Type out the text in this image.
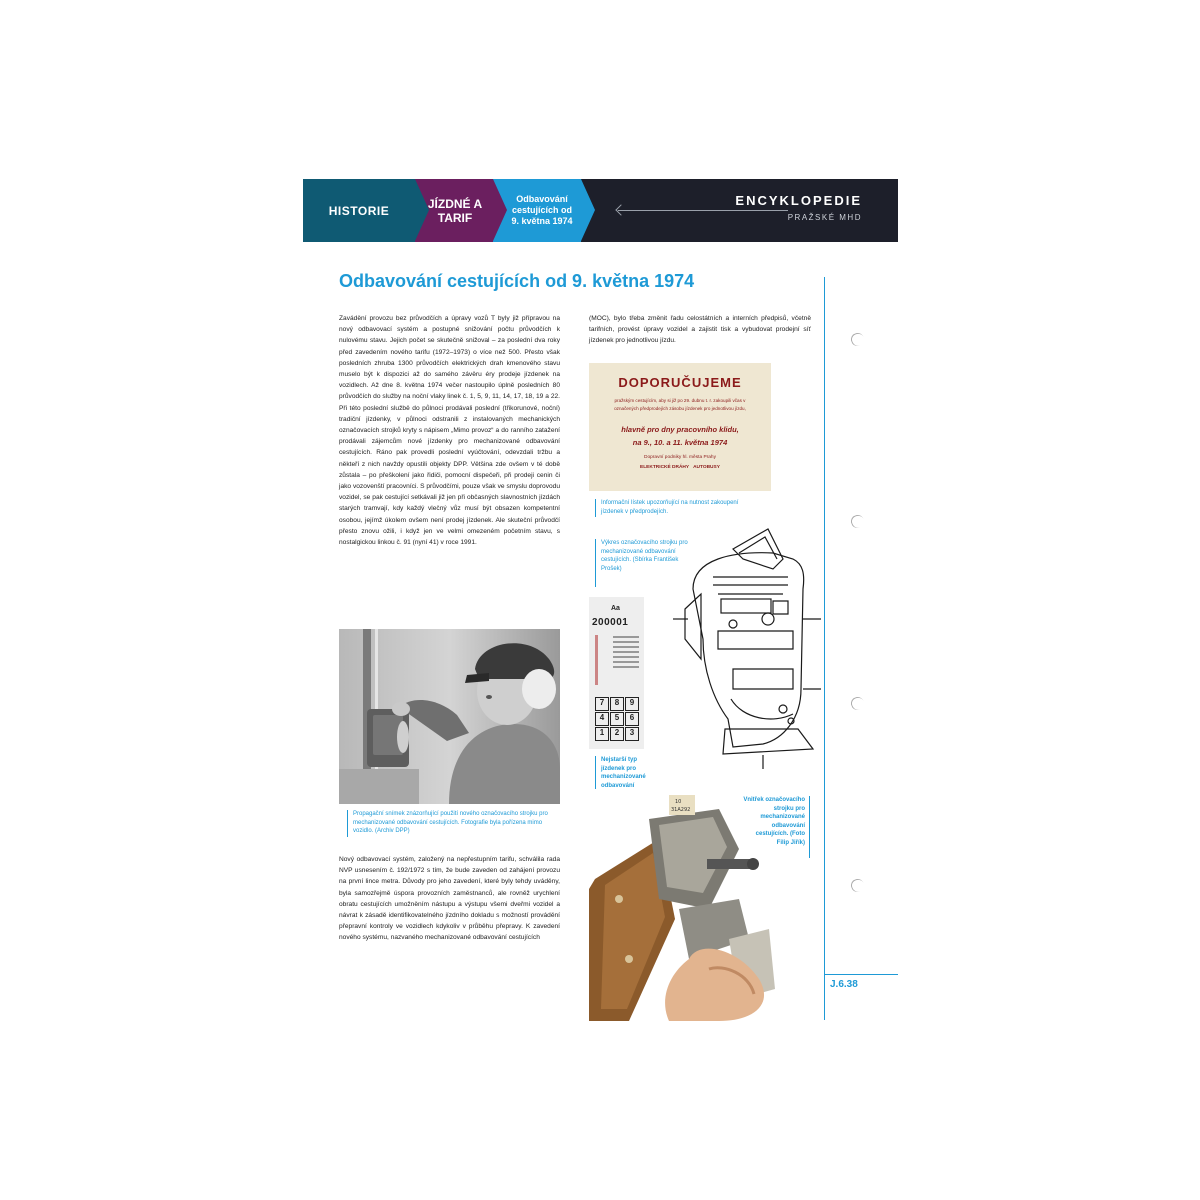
HISTORIE	JÍZDNÉ A TARIF
Odbavování cestujících od 9. května 1974
ENCYKLOPEDIE
PRAŽSKÉ MHD
Odbavování cestujících od 9. května 1974
J.6.38
Zavádění provozu bez průvodčích a úpravy vozů T byly již přípravou na nový odbavovací systém a postupné snižování počtu průvodčích k nulovému stavu. Jejich počet se skutečně snižoval – za poslední dva roky před zavedením nového tarifu (1972–1973) o více než 500. Přesto však posledních zhruba 1300 průvodčích elektrických drah kmenového stavu muselo být k dispozici až do samého závěru éry prodeje jízdenek na vozidlech. Až dne 8. května 1974 večer nastoupilo úplně posledních 80 průvodčích do služby na noční vlaky linek č. 1, 5, 9, 11, 14, 17, 18, 19 a 22. Při této poslední službě do půlnoci prodávali poslední (třikorunové, noční) tradiční jízdenky, v půlnoci odstranili z instalovaných mechanických označovacích strojků kryty s nápisem „Mimo provoz“ a do ranního zatažení prodávali zájemcům nové jízdenky pro mechanizované odbavování cestujících. Ráno pak provedli poslední vyúčtování, odevzdali tržbu a někteří z nich navždy opustili objekty DPP. Většina zde ovšem v té době zůstala – po přeškolení jako řidiči, pomocní dispečeři, při prodeji cenin či jako vozovenští pracovníci. S průvodčími, pouze však ve smyslu doprovodu vozidel, se pak cestující setkávali již jen při občasných slavnostních jízdách starých tramvají, kdy každý vlečný vůz musí být obsazen kompetentní osobou, jejímž úkolem ovšem není prodej jízdenek. Ale skuteční průvodčí přesto znovu ožili, i když jen ve velmi omezeném početním stavu, s nostalgickou linkou č. 91 (nyní 41) v roce 1991.
Propagační snímek znázorňující použití nového označovacího strojku pro mechanizované odbavování cestujících. Fotografie byla pořízena mimo vozidlo. (Archiv DPP)
Nový odbavovací systém, založený na nepřestupním tarifu, schválila rada NVP usnesením č. 192/1972 s tím, že bude zaveden od zahájení provozu na první lince metra. Důvody pro jeho zavedení, které byly tehdy uváděny, byla samozřejmě úspora provozních zaměstnanců, ale rovněž urychlení obratu cestujících umožněním nástupu a výstupu všemi dveřmi vozidel a návrat k zásadě identifikovatelného jízdního dokladu s možností provádění přepravní kontroly ve vozidlech kdykoliv v průběhu přepravy. K zavedení nového systému, nazvaného mechanizované odbavování cestujících
(MOC), bylo třeba změnit řadu celostátních a interních předpisů, včetně tarifních, provést úpravy vozidel a zajistit tisk a vybudovat prodejní síť jízdenek pro jednotlivou jízdu.
DOPORUČUJEME
pražským cestujícím, aby si již po 29. dubnu t. r. zakoupili včas v označených předprodejích zásobu jízdenek pro jednotlivou jízdu,
hlavně pro dny pracovního klidu,
na 9., 10. a 11. května 1974
Dopravní podniky hl. města Prahy
ELEKTRICKÉ DRÁHY AUTOBUSY
Informační lístek upozorňující na nutnost zakoupení jízdenek v předprodejích.
Výkres označovacího strojku pro mechanizované odbavování cestujících. (Sbírka František Prošek)
Aa
200001
7	8	9
4	5	6
1	2	3
Nejstarší typ jízdenek pro mechanizované odbavování
10
31A292
Vnitřek označovacího strojku pro mechanizované odbavování cestujících. (Foto Filip Jiřík)
